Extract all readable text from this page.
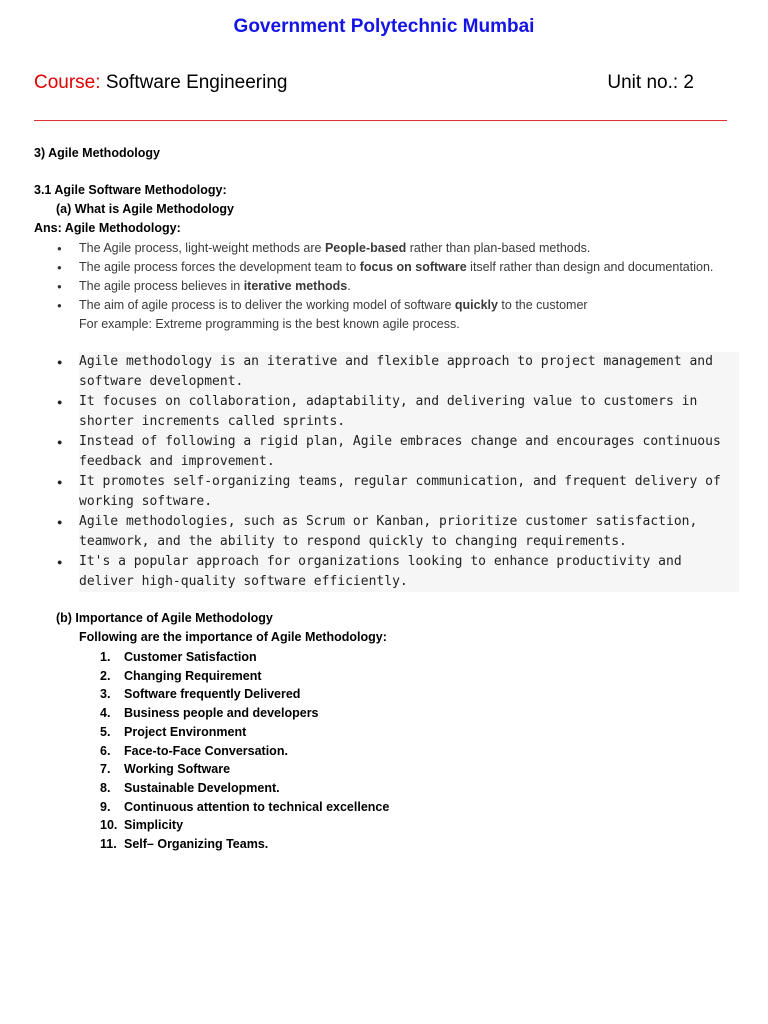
Government Polytechnic Mumbai
Course: Software Engineering	Unit no.: 2
3) Agile Methodology
3.1 Agile Software Methodology:
(a) What is Agile Methodology
Ans: Agile Methodology:
● The Agile process, light-weight methods are People-based rather than plan-based methods.
● The agile process forces the development team to focus on software itself rather than design and documentation.
● The agile process believes in iterative methods.
● The aim of agile process is to deliver the working model of software quickly to the customer
For example: Extreme programming is the best known agile process.
● Agile methodology is an iterative and flexible approach to project management and software development.
● It focuses on collaboration, adaptability, and delivering value to customers in shorter increments called sprints.
● Instead of following a rigid plan, Agile embraces change and encourages continuous feedback and improvement.
● It promotes self-organizing teams, regular communication, and frequent delivery of working software.
● Agile methodologies, such as Scrum or Kanban, prioritize customer satisfaction, teamwork, and the ability to respond quickly to changing requirements.
● It's a popular approach for organizations looking to enhance productivity and deliver high-quality software efficiently.
(b) Importance of Agile Methodology
Following are the importance of Agile Methodology:
1. Customer Satisfaction
2. Changing Requirement
3. Software frequently Delivered
4. Business people and developers
5. Project Environment
6. Face-to-Face Conversation.
7. Working Software
8. Sustainable Development.
9. Continuous attention to technical excellence
10. Simplicity
11. Self– Organizing Teams.
